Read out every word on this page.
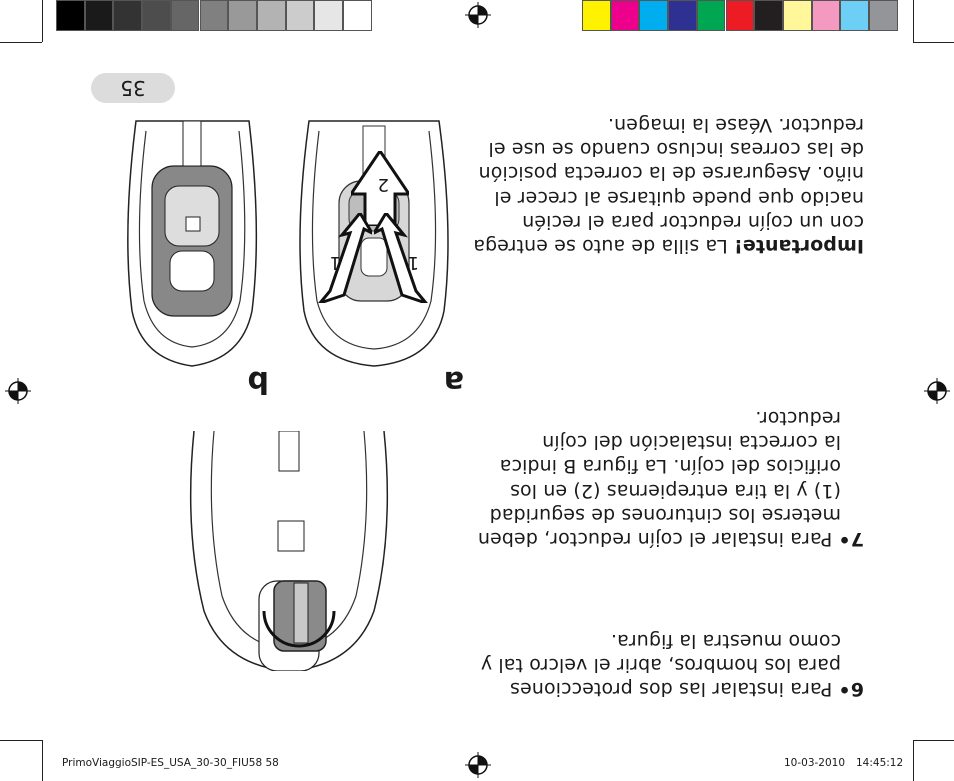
35
Importante! La silla de auto se entrega
con un cojín reductor para el recién
nacido que puede quitarse al crecer el
niño. Asegurarse de la correcta posición
de las correas incluso cuando se use el
reductor. Véase la imagen.
7• Para instalar el cojín reductor, deben
meterse los cinturones de seguridad
(1) y la tira entrepiernas (2) en los
orificios del cojín. La figura B indica
la correcta instalación del cojín
reductor.
6• Para instalar las dos protecciones
para los hombros, abrir el velcro tal y
como muestra la figura.
2
1
1
a
b
PrimoViaggioSIP-ES_USA_30-30_FIU58 58	10-03-2010 14:45:12
